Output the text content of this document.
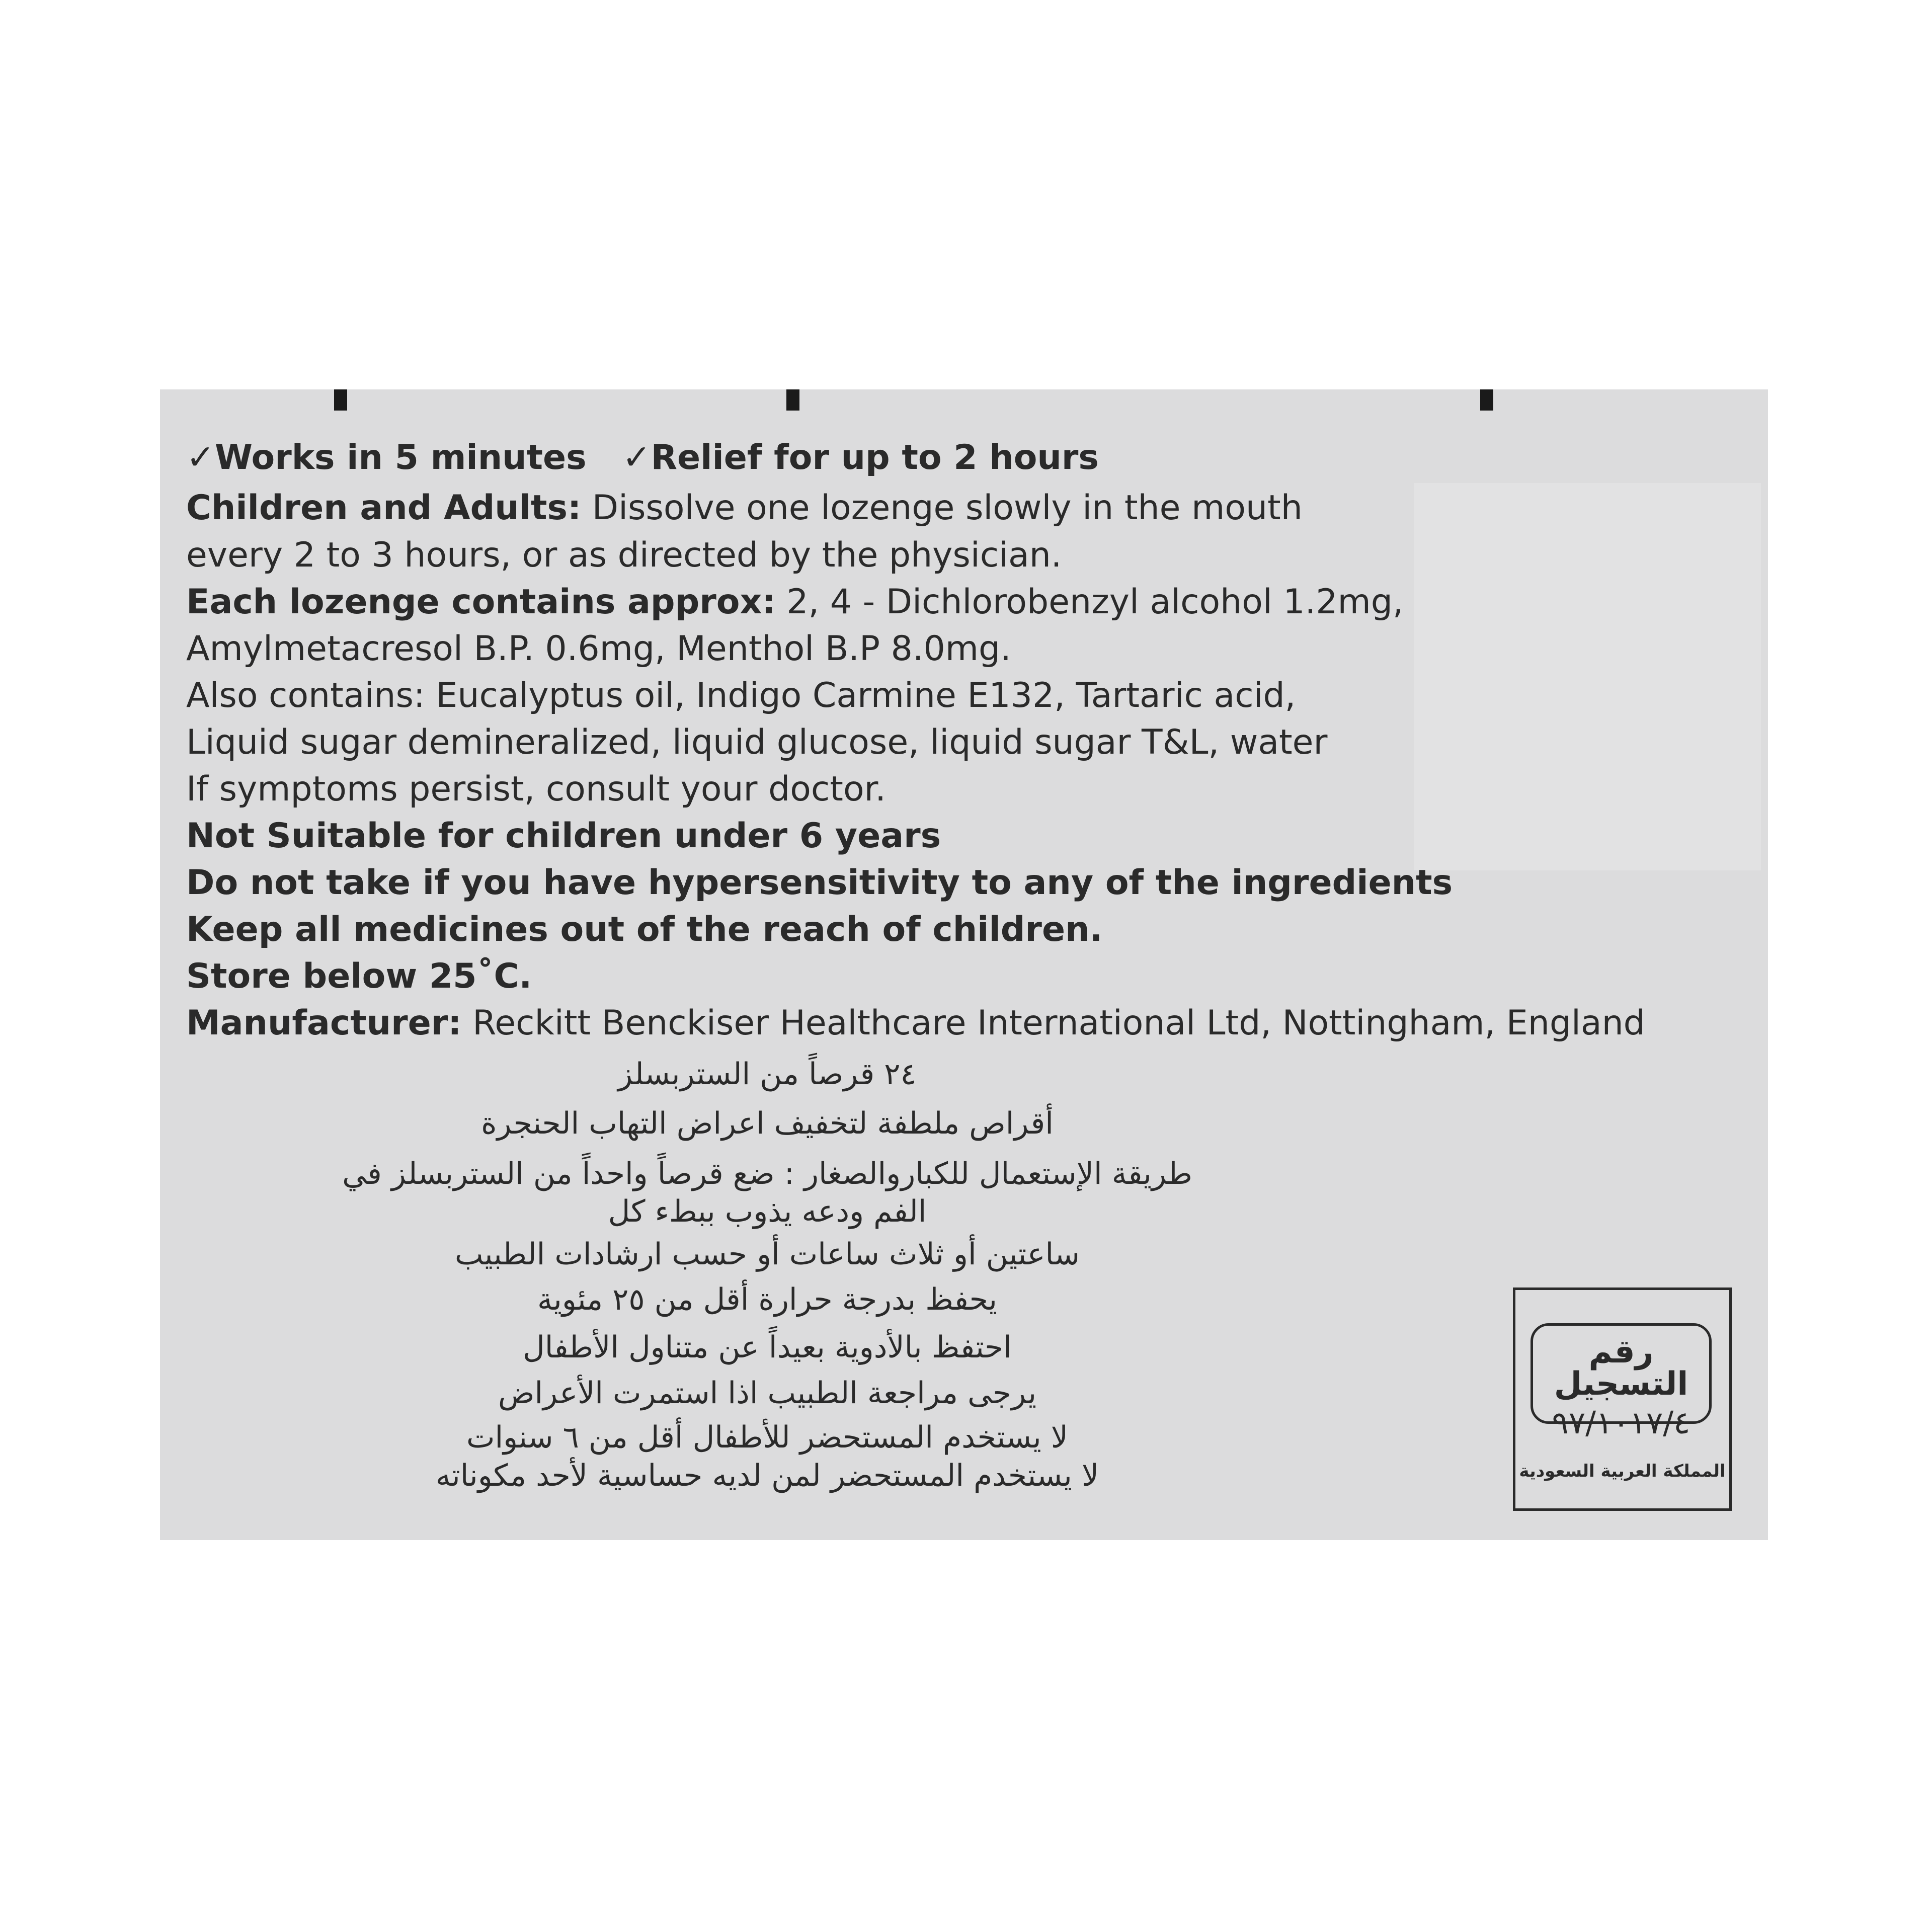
✓Works in 5 minutes ✓Relief for up to 2 hours
Children and Adults: Dissolve one lozenge slowly in the mouth
every 2 to 3 hours, or as directed by the physician.
Each lozenge contains approx: 2, 4 - Dichlorobenzyl alcohol 1.2mg,
Amylmetacresol B.P. 0.6mg, Menthol B.P 8.0mg.
Also contains: Eucalyptus oil, Indigo Carmine E132, Tartaric acid,
Liquid sugar demineralized, liquid glucose, liquid sugar T&L, water
If symptoms persist, consult your doctor.
Not Suitable for children under 6 years
Do not take if you have hypersensitivity to any of the ingredients
Keep all medicines out of the reach of children.
Store below 25˚C.
Manufacturer: Reckitt Benckiser Healthcare International Ltd, Nottingham, England
٢٤ قرصاً من الستربسلز
أقراص ملطفة لتخفيف اعراض التهاب الحنجرة
طريقة الإستعمال للكباروالصغار : ضع قرصاً واحداً من الستربسلز في
الفم ودعه يذوب ببطء كل
ساعتين أو ثلاث ساعات أو حسب ارشادات الطبيب
يحفظ بدرجة حرارة أقل من ٢٥ مئوية
احتفظ بالأدوية بعيداً عن متناول الأطفال
يرجى مراجعة الطبيب اذا استمرت الأعراض
لا يستخدم المستحضر للأطفال أقل من ٦ سنوات
لا يستخدم المستحضر لمن لديه حساسية لأحد مكوناته
رقم التسجيل
٩٧/١٠١٧/٤
المملكة العربية السعودية
